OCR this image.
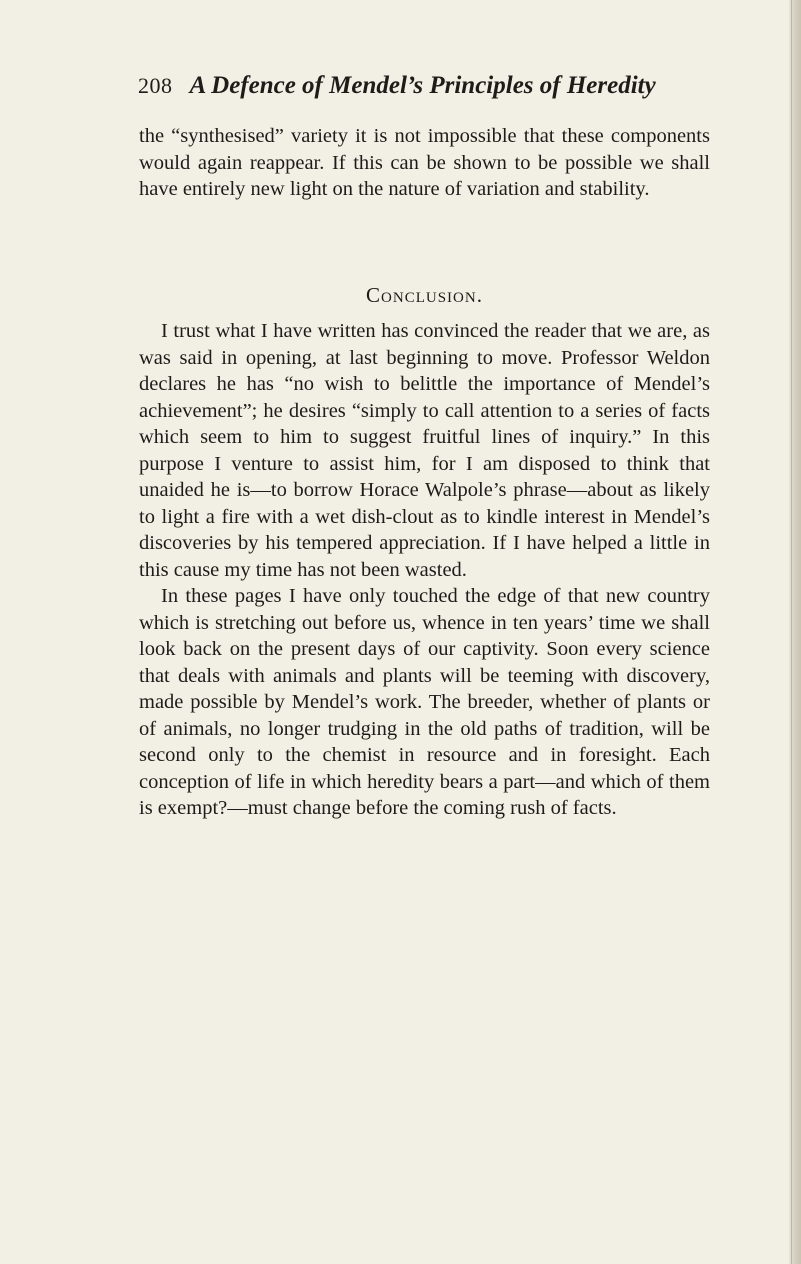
208 A Defence of Mendel’s Principles of Heredity

the “synthesised” variety it is not impossible that these components would again reappear. If this can be shown to be possible we shall have entirely new light on the nature of variation and stability.

Conclusion.

I trust what I have written has convinced the reader that we are, as was said in opening, at last beginning to move. Professor Weldon declares he has “no wish to belittle the importance of Mendel’s achievement”; he desires “simply to call attention to a series of facts which seem to him to suggest fruitful lines of inquiry.” In this purpose I venture to assist him, for I am disposed to think that unaided he is—to borrow Horace Walpole’s phrase—about as likely to light a fire with a wet dish-clout as to kindle interest in Mendel’s discoveries by his tempered appreciation. If I have helped a little in this cause my time has not been wasted.

In these pages I have only touched the edge of that new country which is stretching out before us, whence in ten years’ time we shall look back on the present days of our captivity. Soon every science that deals with animals and plants will be teeming with discovery, made possible by Mendel’s work. The breeder, whether of plants or of animals, no longer trudging in the old paths of tradition, will be second only to the chemist in resource and in foresight. Each conception of life in which heredity bears a part—and which of them is exempt?—must change before the coming rush of facts.
